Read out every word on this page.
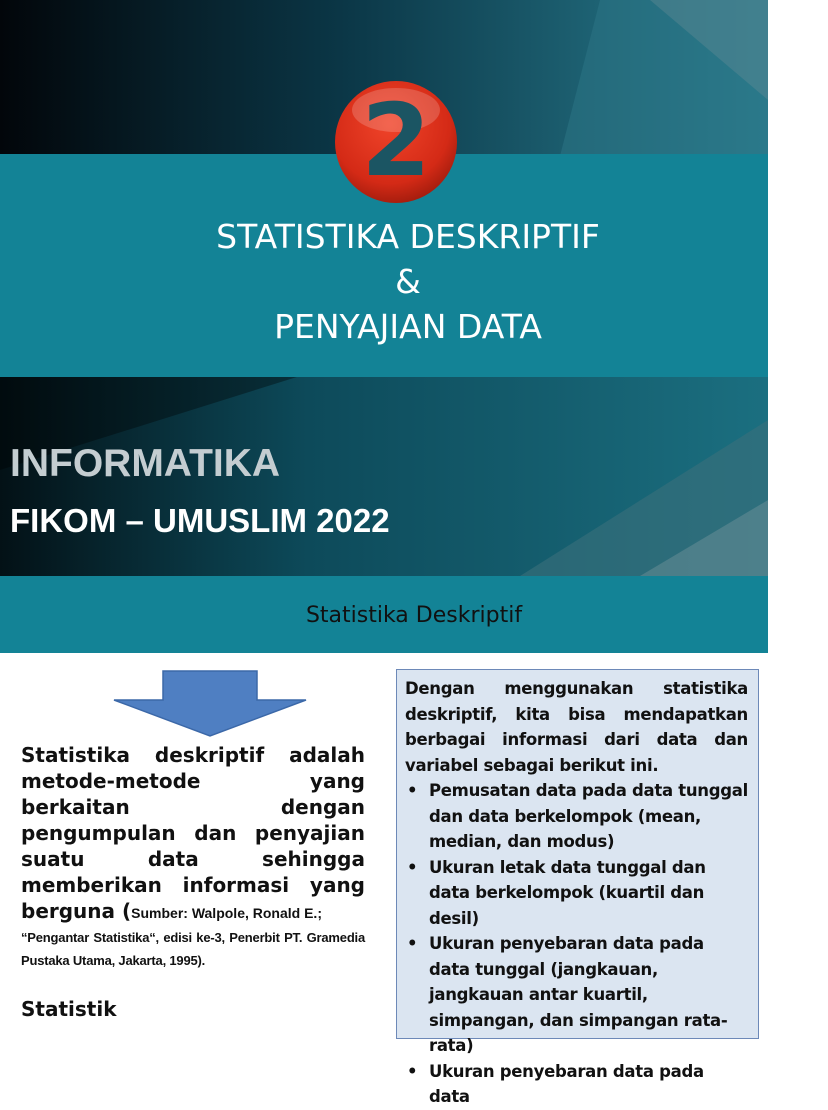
2
STATISTIKA DESKRIPTIF
&
PENYAJIAN DATA
INFORMATIKA
FIKOM – UMUSLIM 2022
Statistika Deskriptif
Statistika deskriptif adalah metode-metode yang berkaitan dengan pengumpulan dan penyajian suatu data sehingga memberikan informasi yang berguna (Sumber: Walpole, Ronald E.;
“Pengantar Statistika“, edisi ke-3, Penerbit PT. Gramedia Pustaka Utama, Jakarta, 1995).
Statistik
Dengan menggunakan statistika deskriptif, kita bisa mendapatkan berbagai informasi dari data dan variabel sebagai berikut ini.
• Pemusatan data pada data tunggal dan data berkelompok (mean, median, dan modus)
• Ukuran letak data tunggal dan data berkelompok (kuartil dan desil)
• Ukuran penyebaran data pada data tunggal (jangkauan, jangkauan antar kuartil, simpangan, dan simpangan rata-rata)
• Ukuran penyebaran data pada data
